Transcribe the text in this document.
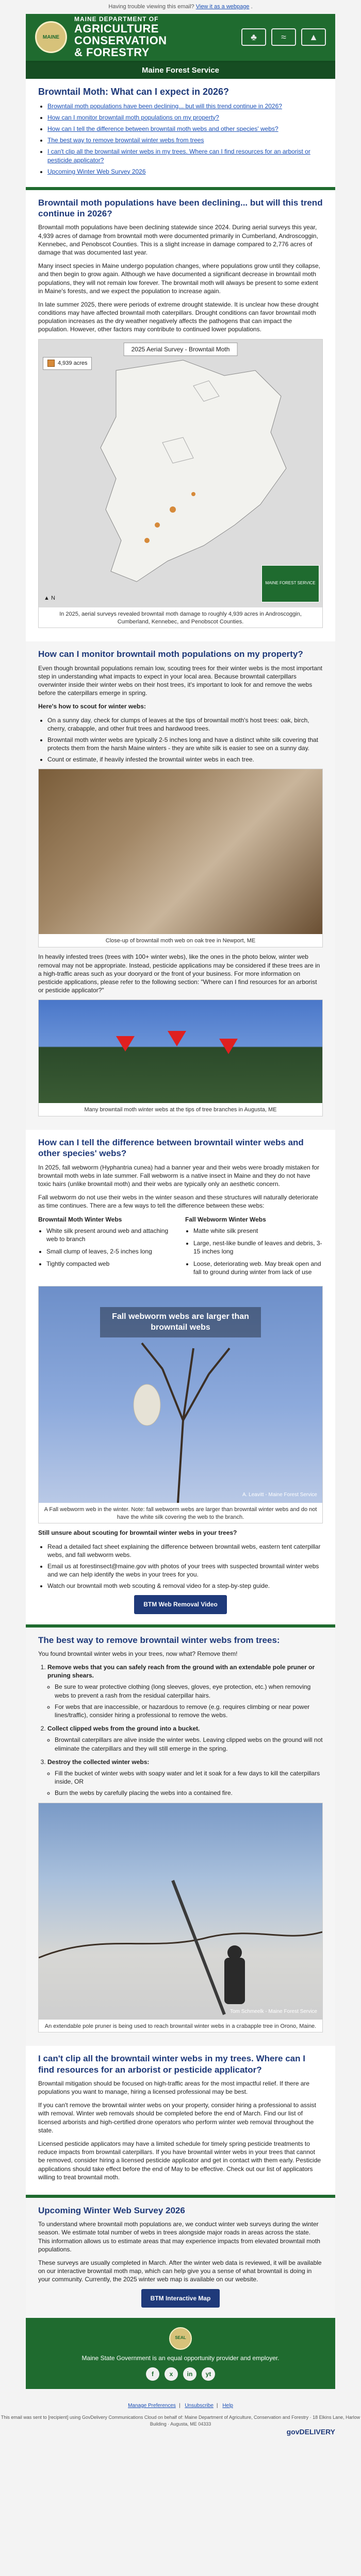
Having trouble viewing this email? View it as a webpage .
MAINE
MAINE DEPARTMENT OF
AGRICULTURE
CONSERVATION
& FORESTRY
♣	≈	▲
Maine Forest Service
Browntail Moth: What can I expect in 2026?
• Browntail moth populations have been declining... but will this trend continue in 2026?
• How can I monitor browntail moth populations on my property?
• How can I tell the difference between browntail moth webs and other species' webs?
• The best way to remove browntail winter webs from trees
• I can't clip all the browntail winter webs in my trees. Where can I find resources for an arborist or pesticide applicator?
• Upcoming Winter Web Survey 2026
Browntail moth populations have been declining... but will this trend continue in 2026?

Browntail moth populations have been declining statewide since 2024. During aerial surveys this year, 4,939 acres of damage from browntail moth were documented primarily in Cumberland, Androscoggin, Kennebec, and Penobscot Counties. This is a slight increase in damage compared to 2,776 acres of damage that was documented last year.

Many insect species in Maine undergo population changes, where populations grow until they collapse, and then begin to grow again. Although we have documented a significant decrease in browntail moth populations, they will not remain low forever. The browntail moth will always be present to some extent in Maine's forests, and we expect the population to increase again.

In late summer 2025, there were periods of extreme drought statewide. It is unclear how these drought conditions may have affected browntail moth caterpillars. Drought conditions can favor browntail moth population increases as the dry weather negatively affects the pathogens that can impact the population. However, other factors may contribute to continued lower populations.

2025 Aerial Survey - Browntail Moth
4,939 acres
▲ N
MAINE FOREST SERVICE
In 2025, aerial surveys revealed browntail moth damage to roughly 4,939 acres in Androscoggin, Cumberland, Kennebec, and Penobscot Counties.
How can I monitor browntail moth populations on my property?

Even though browntail populations remain low, scouting trees for their winter webs is the most important step in understanding what impacts to expect in your local area. Because browntail caterpillars overwinter inside their winter webs on their host trees, it's important to look for and remove the webs before the caterpillars emerge in spring.

Here's how to scout for winter webs:

• On a sunny day, check for clumps of leaves at the tips of browntail moth's host trees: oak, birch, cherry, crabapple, and other fruit trees and hardwood trees.
• Browntail moth winter webs are typically 2-5 inches long and have a distinct white silk covering that protects them from the harsh Maine winters - they are white silk is easier to see on a sunny day.
• Count or estimate, if heavily infested the browntail winter webs in each tree.
Close-up of browntail moth web on oak tree in Newport, ME

In heavily infested trees (trees with 100+ winter webs), like the ones in the photo below, winter web removal may not be appropriate. Instead, pesticide applications may be considered if these trees are in a high-traffic areas such as your dooryard or the front of your business. For more information on pesticide applications, please refer to the following section: "Where can I find resources for an arborist or pesticide applicator?"

Many browntail moth winter webs at the tips of tree branches in Augusta, ME
How can I tell the difference between browntail winter webs and other species' webs?

In 2025, fall webworm (Hyphantria cunea) had a banner year and their webs were broadly mistaken for browntail moth webs in late summer. Fall webworm is a native insect in Maine and they do not have toxic hairs (unlike browntail moth) and their webs are typically only an aesthetic concern.

Fall webworm do not use their webs in the winter season and these structures will naturally deteriorate as time continues. There are a few ways to tell the difference between these webs:

Browntail Moth Winter Webs
• White silk present around web and attaching web to branch
• Small clump of leaves, 2-5 inches long
• Tightly compacted web
Fall Webworm Winter Webs
• Matte white silk present
• Large, nest-like bundle of leaves and debris, 3-15 inches long
• Loose, deteriorating web. May break open and fall to ground during winter from lack of use
Fall webworm webs are larger than browntail webs
A. Leavitt - Maine Forest Service
A Fall webworm web in the winter. Note: fall webworm webs are larger than browntail winter webs and do not have the white silk covering the web to the branch.

Still unsure about scouting for browntail winter webs in your trees?

• Read a detailed fact sheet explaining the difference between browntail webs, eastern tent caterpillar webs, and fall webworm webs.
• Email us at forestinsect@maine.gov with photos of your trees with suspected browntail winter webs and we can help identify the webs in your trees for you.
• Watch our browntail moth web scouting & removal video for a step-by-step guide.
BTM Web Removal Video
The best way to remove browntail winter webs from trees:

You found browntail winter webs in your trees, now what? Remove them!

1. Remove webs that you can safely reach from the ground with an extendable pole pruner or pruning shears.
◦ Be sure to wear protective clothing (long sleeves, gloves, eye protection, etc.) when removing webs to prevent a rash from the residual caterpillar hairs.
◦ For webs that are inaccessible, or hazardous to remove (e.g. requires climbing or near power lines/traffic), consider hiring a professional to remove the webs.
2. Collect clipped webs from the ground into a bucket.
◦ Browntail caterpillars are alive inside the winter webs. Leaving clipped webs on the ground will not eliminate the caterpillars and they will still emerge in the spring.
3. Destroy the collected winter webs:
◦ Fill the bucket of winter webs with soapy water and let it soak for a few days to kill the caterpillars inside, OR
◦ Burn the webs by carefully placing the webs into a contained fire.
Tom Schmeelk - Maine Forest Service
An extendable pole pruner is being used to reach browntail winter webs in a crabapple tree in Orono, Maine.
I can't clip all the browntail winter webs in my trees. Where can I find resources for an arborist or pesticide applicator?

Browntail mitigation should be focused on high-traffic areas for the most impactful relief. If there are populations you want to manage, hiring a licensed professional may be best.

If you can't remove the browntail winter webs on your property, consider hiring a professional to assist with removal. Winter web removals should be completed before the end of March. Find our list of licensed arborists and high-certified drone operators who perform winter web removal throughout the state.

Licensed pesticide applicators may have a limited schedule for timely spring pesticide treatments to reduce impacts from browntail caterpillars. If you have browntail winter webs in your trees that cannot be removed, consider hiring a licensed pesticide applicator and get in contact with them early. Pesticide applications should take effect before the end of May to be effective. Check out our list of applicators willing to treat browntail moth.

Upcoming Winter Web Survey 2026

To understand where browntail moth populations are, we conduct winter web surveys during the winter season. We estimate total number of webs in trees alongside major roads in areas across the state. This information allows us to estimate areas that may experience impacts from elevated browntail moth populations.

These surveys are usually completed in March. After the winter web data is reviewed, it will be available on our interactive browntail moth map, which can help give you a sense of what browntail is doing in your community. Currently, the 2025 winter web map is available on our website.

BTM Interactive Map
SEAL
Maine State Government is an equal opportunity provider and employer.
f	x	in	yt
Manage Preferences | Unsubscribe | Help
This email was sent to [recipient] using GovDelivery Communications Cloud on behalf of: Maine Department of Agriculture, Conservation and Forestry · 18 Elkins Lane, Harlow Building · Augusta, ME 04333
govDELIVERY
